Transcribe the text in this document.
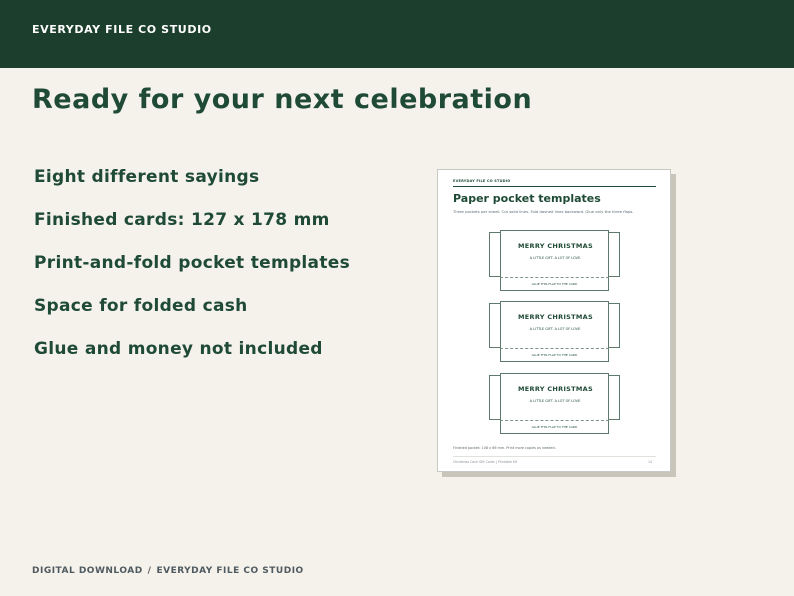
EVERYDAY FILE CO STUDIO
Ready for your next celebration
Eight different sayings
Finished cards: 127 x 178 mm
Print-and-fold pocket templates
Space for folded cash
Glue and money not included
EVERYDAY FILE CO STUDIO
Paper pocket templates
Three pockets per sheet. Cut solid lines. Fold dashed lines backward. Glue only the three flaps.
MERRY CHRISTMAS
A LITTLE GIFT. A LOT OF LOVE.
GLUE THIS FLAP TO THE CARD
MERRY CHRISTMAS
A LITTLE GIFT. A LOT OF LOVE.
GLUE THIS FLAP TO THE CARD
MERRY CHRISTMAS
A LITTLE GIFT. A LOT OF LOVE.
GLUE THIS FLAP TO THE CARD
Finished pocket: 108 x 66 mm. Print more copies as needed.
Christmas Cash Gift Cards | Printable Kit	14
DIGITAL DOWNLOAD / EVERYDAY FILE CO STUDIO
